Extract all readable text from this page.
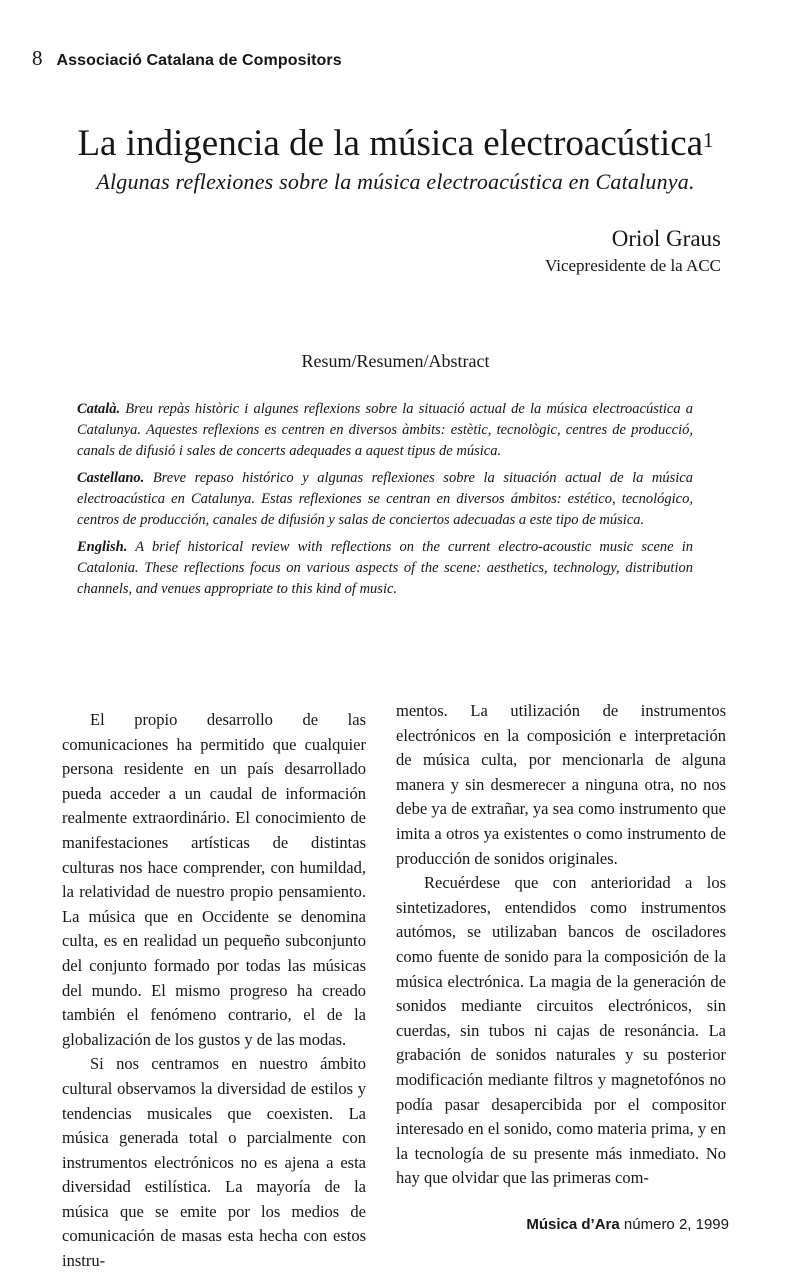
8 Associació Catalana de Compositors
La indigencia de la música electroacústica$^1$
Algunas reflexiones sobre la música electroacústica en Catalunya.
Oriol Graus
Vicepresidente de la ACC
Resum/Resumen/Abstract

Català. Breu repàs històric i algunes reflexions sobre la situació actual de la música electroacústica a Catalunya. Aquestes reflexions es centren en diversos àmbits: estètic, tecnològic, centres de producció, canals de difusió i sales de concerts adequades a aquest tipus de música.

Castellano. Breve repaso histórico y algunas reflexiones sobre la situación actual de la música electroacústica en Catalunya. Estas reflexiones se centran en diversos ámbitos: estético, tecnológico, centros de producción, canales de difusión y salas de conciertos adecuadas a este tipo de música.

English. A brief historical review with reflections on the current electro-acoustic music scene in Catalonia. These reflections focus on various aspects of the scene: aesthetics, technology, distribution channels, and venues appropriate to this kind of music.

El propio desarrollo de las comunicaciones ha permitido que cualquier persona residente en un país desarrollado pueda acceder a un caudal de información realmente extraordinário. El conocimiento de manifestaciones artísticas de distintas culturas nos hace comprender, con humildad, la relatividad de nuestro propio pensamiento. La música que en Occidente se denomina culta, es en realidad un pequeño subconjunto del conjunto formado por todas las músicas del mundo. El mismo progreso ha creado también el fenómeno contrario, el de la globalización de los gustos y de las modas.

Si nos centramos en nuestro ámbito cultural observamos la diversidad de estilos y tendencias musicales que coexisten. La música generada total o parcialmente con instrumentos electrónicos no es ajena a esta diversidad estilística. La mayoría de la música que se emite por los medios de comunicación de masas esta hecha con estos instru-

mentos. La utilización de instrumentos electrónicos en la composición e interpretación de música culta, por mencionarla de alguna manera y sin desmerecer a ninguna otra, no nos debe ya de extrañar, ya sea como instrumento que imita a otros ya existentes o como instrumento de producción de sonidos originales.

Recuérdese que con anterioridad a los sintetizadores, entendidos como instrumentos autómos, se utilizaban bancos de osciladores como fuente de sonido para la composición de la música electrónica. La magia de la generación de sonidos mediante circuitos electrónicos, sin cuerdas, sin tubos ni cajas de resonáncia. La grabación de sonidos naturales y su posterior modificación mediante filtros y magnetofónos no podía pasar desapercibida por el compositor interesado en el sonido, como materia prima, y en la tecnología de su presente más inmediato. No hay que olvidar que las primeras com-

Música d’Ara número 2, 1999
